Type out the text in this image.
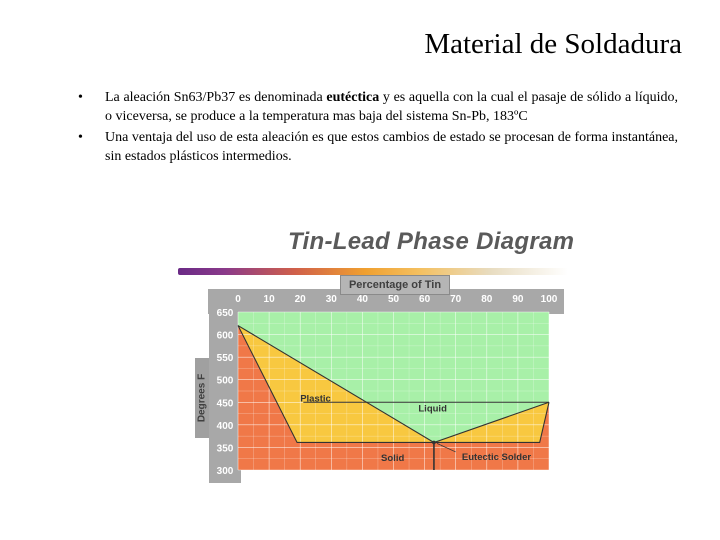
Material de Soldadura
• La aleación Sn63/Pb37 es denominada eutéctica y es aquella con la cual el pasaje de sólido a líquido, o viceversa, se produce a la temperatura mas baja del sistema Sn-Pb, 183ºC
• Una ventaja del uso de esta aleación es que estos cambios de estado se procesan de forma instantánea, sin estados plásticos intermedios.
Tin-Lead Phase Diagram
Degrees F
Percentage of Tin
0 10 20 30 40 50 60 70 80 90 100
650
600
550
500
450
400
350
300
Plastic
Liquid
Solid	Eutectic Solder
